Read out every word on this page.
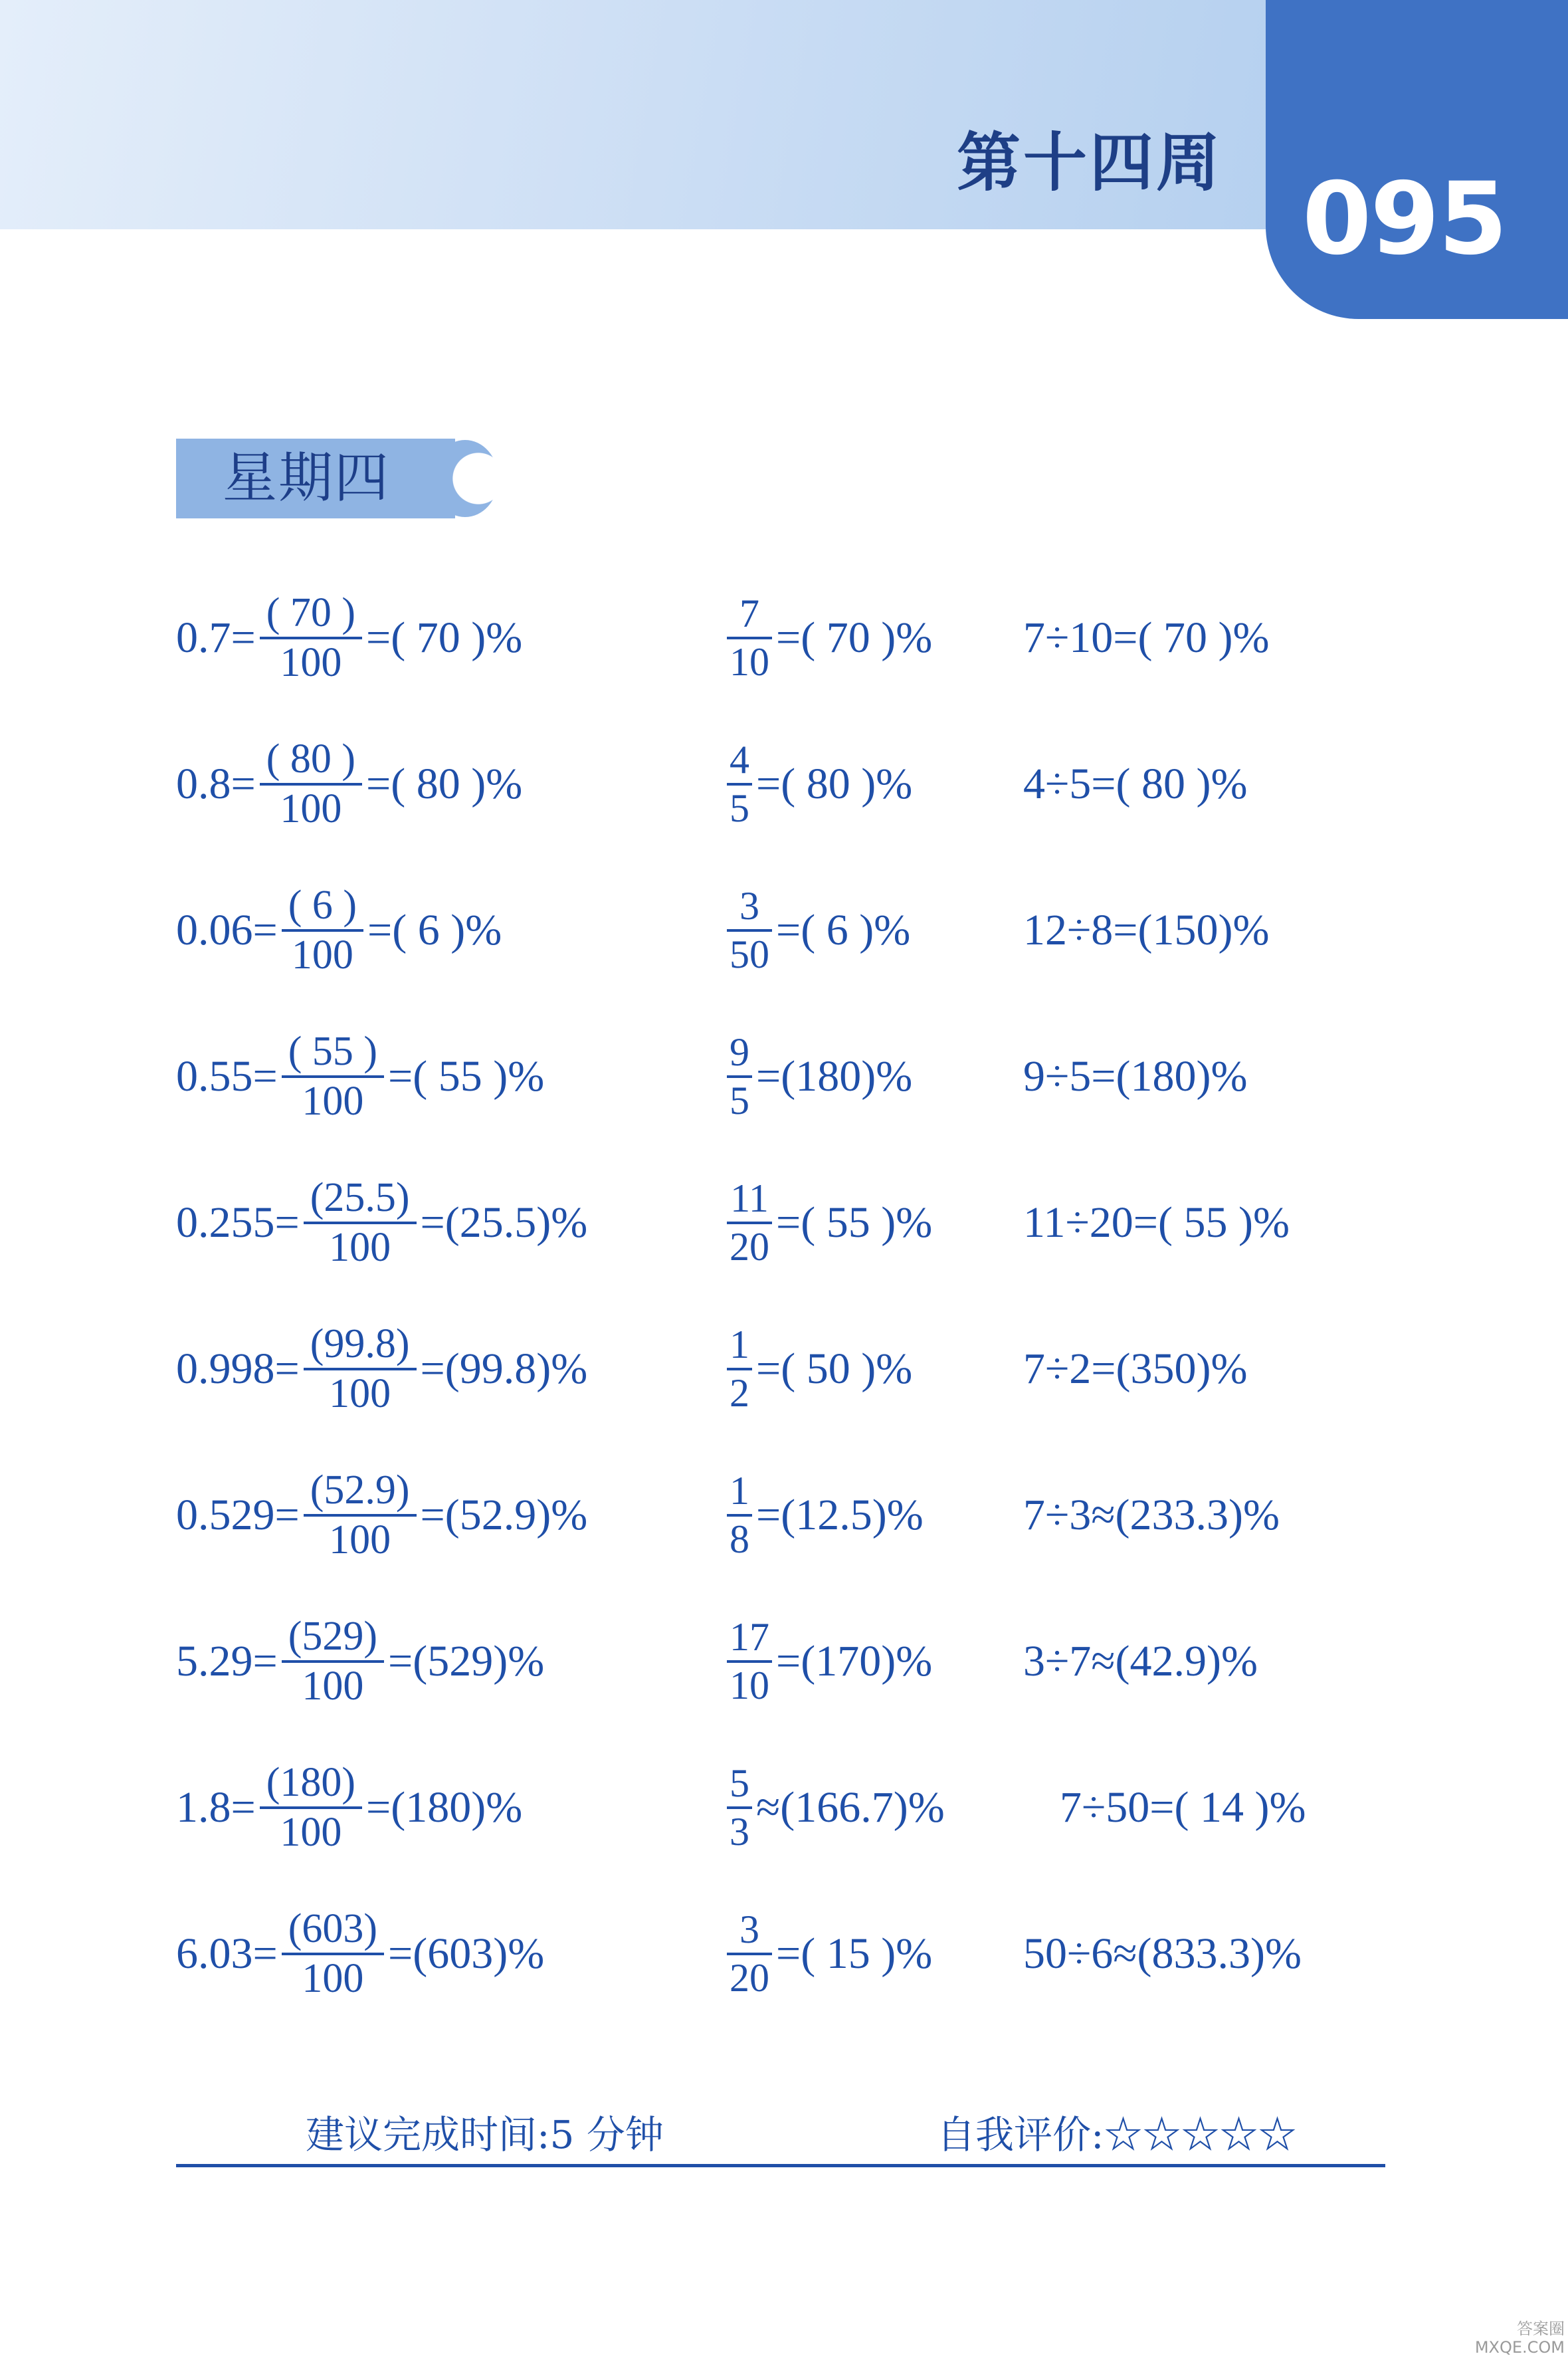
第十四周 095
星期四
$0.7 = \frac{( 70 )}{100}$ = ( 70 ) %	$\frac{7}{10}$ = ( 70 ) % 7÷10 = ( 70 ) %
$0.8 = \frac{( 80 )}{100}$ = ( 80 ) %	$\frac{4}{5}$ = ( 80 ) %	4÷5 = ( 80 ) %
$0.06 = \frac{( 6 )}{100}$ = ( 6 ) %	$\frac{3}{50}$ = ( 6 ) %	12÷8 = (150) %
$0.55 = \frac{( 55 )}{100}$ = ( 55 ) %	$\frac{9}{5} = (180)$ %	9÷5 = (180) %
$0.255 = \frac{(25.5)}{100} = (25.5)$ %	$\frac{11}{20}$ = ( 55 ) % 11÷20 = ( 55 ) %
$0.998 = \frac{(99.8)}{100} = (99.8)$ %	$\frac{1}{2}$ = ( 50 ) %	7÷2 = (350) %
$0.529 = \frac{(52.9)}{100} = (52.9)$ %	$\frac{1}{8} = (12.5)$ % 7÷3 ≈ (233.3) %
$5.29 = \frac{(529)}{100} = (529)$ %	$\frac{17}{10} = (170)$ % 3÷7 ≈ (42.9) %
$1.8 = \frac{(180)}{100} = (180)$ %	$\frac{5}{3} \approx (166.7)$ %	7÷50 = ( 14 ) %
$6.03 = \frac{(603)}{100} = (603)$ %	$\frac{3}{20}$ = ( 15 ) % 50÷6 ≈ (833.3) %
建议完成时间:5 分钟	自我评价:☆☆☆☆☆
答案圈 MXQE.COM
